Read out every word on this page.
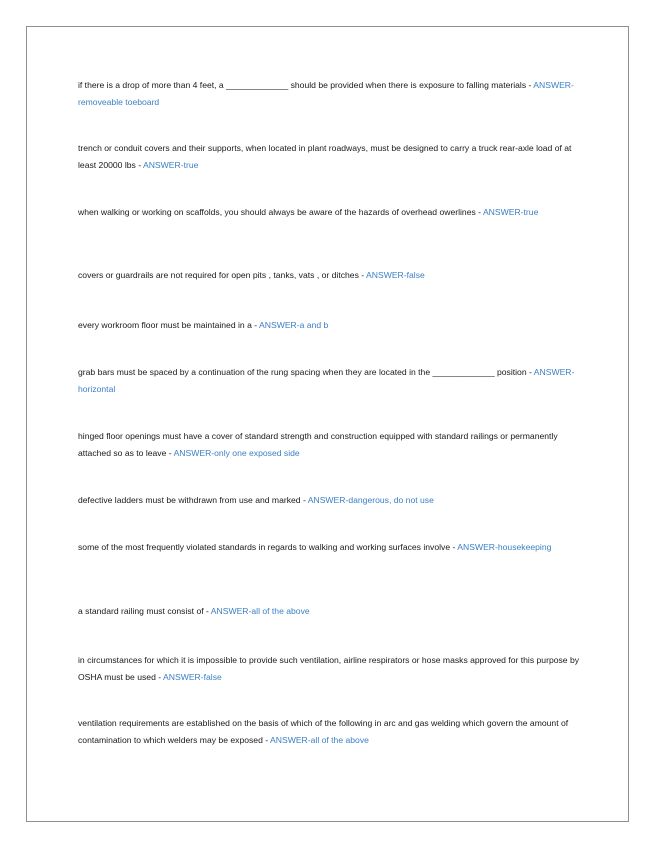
if there is a drop of more than 4 feet, a _____________ should be provided when there is exposure to falling materials - ANSWER-removeable toeboard

trench or conduit covers and their supports, when located in plant roadways, must be designed to carry a truck rear-axle load of at least 20000 lbs - ANSWER-true

when walking or working on scaffolds, you should always be aware of the hazards of overhead owerlines - ANSWER-true

covers or guardrails are not required for open pits , tanks, vats , or ditches - ANSWER-false

every workroom floor must be maintained in a - ANSWER-a and b

grab bars must be spaced by a continuation of the rung spacing when they are located in the _____________ position - ANSWER-horizontal

hinged floor openings must have a cover of standard strength and construction equipped with standard railings or permanently attached so as to leave - ANSWER-only one exposed side

defective ladders must be withdrawn from use and marked - ANSWER-dangerous, do not use

some of the most frequently violated standards in regards to walking and working surfaces involve - ANSWER-housekeeping

a standard railing must consist of - ANSWER-all of the above

in circumstances for which it is impossible to provide such ventilation, airline respirators or hose masks approved for this purpose by OSHA must be used - ANSWER-false

ventilation requirements are established on the basis of which of the following in arc and gas welding which govern the amount of contamination to which welders may be exposed - ANSWER-all of the above
